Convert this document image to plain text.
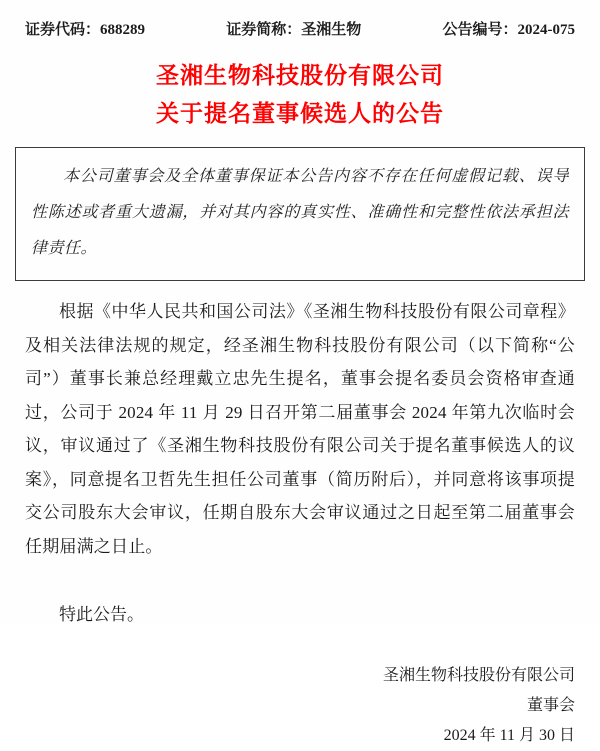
证券代码：688289	证券简称：圣湘生物	公告编号：2024-075
圣湘生物科技股份有限公司
关于提名董事候选人的公告
本公司董事会及全体董事保证本公告内容不存在任何虚假记载、误导性陈述或者重大遗漏，并对其内容的真实性、准确性和完整性依法承担法律责任。
根据《中华人民共和国公司法》《圣湘生物科技股份有限公司章程》及相关法律法规的规定，经圣湘生物科技股份有限公司（以下简称“公司”）董事长兼总经理戴立忠先生提名，董事会提名委员会资格审查通过，公司于 2024 年 11 月 29 日召开第二届董事会 2024 年第九次临时会议，审议通过了《圣湘生物科技股份有限公司关于提名董事候选人的议案》，同意提名卫哲先生担任公司董事（简历附后），并同意将该事项提交公司股东大会审议，任期自股东大会审议通过之日起至第二届董事会任期届满之日止。
特此公告。
圣湘生物科技股份有限公司
董事会
2024 年 11 月 30 日
